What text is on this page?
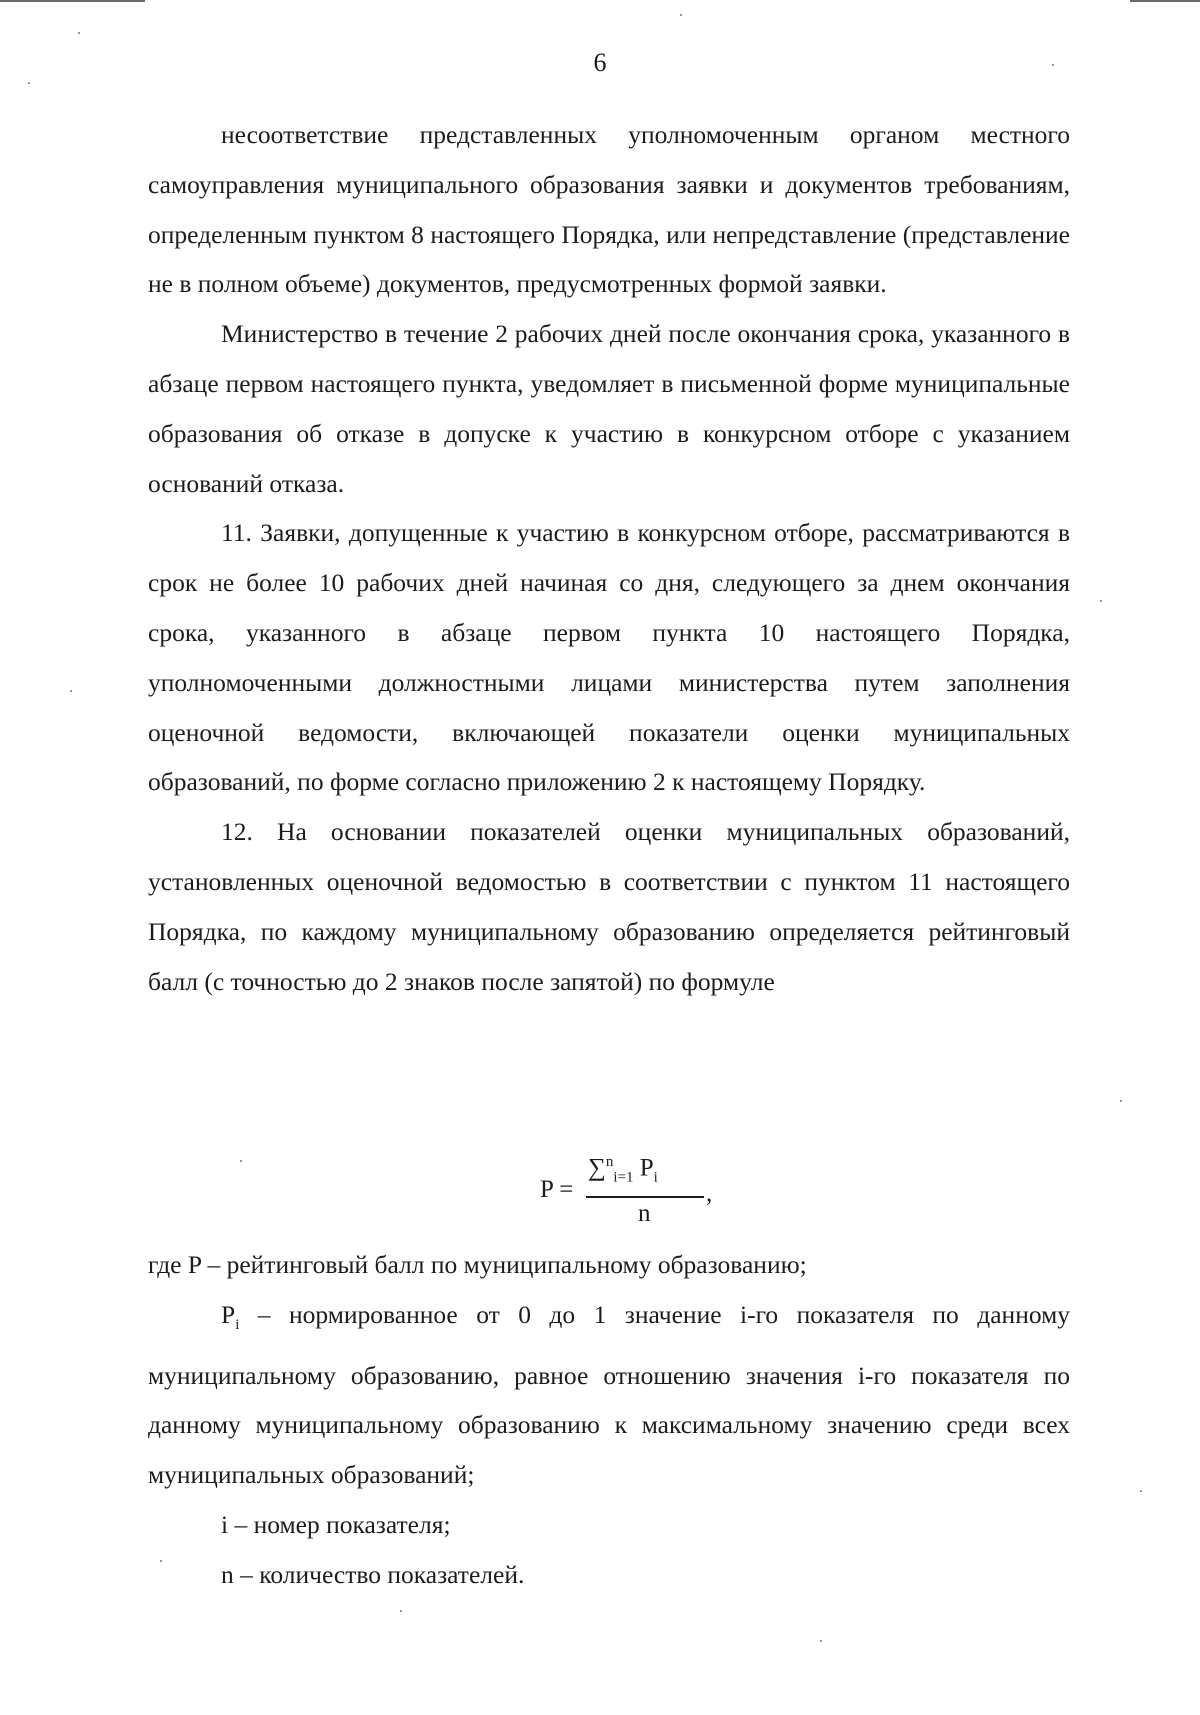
6

несоответствие представленных уполномоченным органом местного самоуправления муниципального образования заявки и документов требованиям, определенным пунктом 8 настоящего Порядка, или непредставление (представление не в полном объеме) документов, предусмотренных формой заявки.

Министерство в течение 2 рабочих дней после окончания срока, указанного в абзаце первом настоящего пункта, уведомляет в письменной форме муниципальные образования об отказе в допуске к участию в конкурсном отборе с указанием оснований отказа.

11. Заявки, допущенные к участию в конкурсном отборе, рассматриваются в срок не более 10 рабочих дней начиная со дня, следующего за днем окончания срока, указанного в абзаце первом пункта 10 настоящего Порядка, уполномоченными должностными лицами министерства путем заполнения оценочной ведомости, включающей показатели оценки муниципальных образований, по форме согласно приложению 2 к настоящему Порядку.

12. На основании показателей оценки муниципальных образований, установленных оценочной ведомостью в соответствии с пунктом 11 настоящего Порядка, по каждому муниципальному образованию определяется рейтинговый балл (с точностью до 2 знаков после запятой) по формуле

P =
∑$^n_{i=1}$ $P_i$
n
,

где P – рейтинговый балл по муниципальному образованию;

$P_i$ – нормированное от 0 до 1 значение i-го показателя по данному муниципальному образованию, равное отношению значения i-го показателя по данному муниципальному образованию к максимальному значению среди всех муниципальных образований;

i – номер показателя;

n – количество показателей.
